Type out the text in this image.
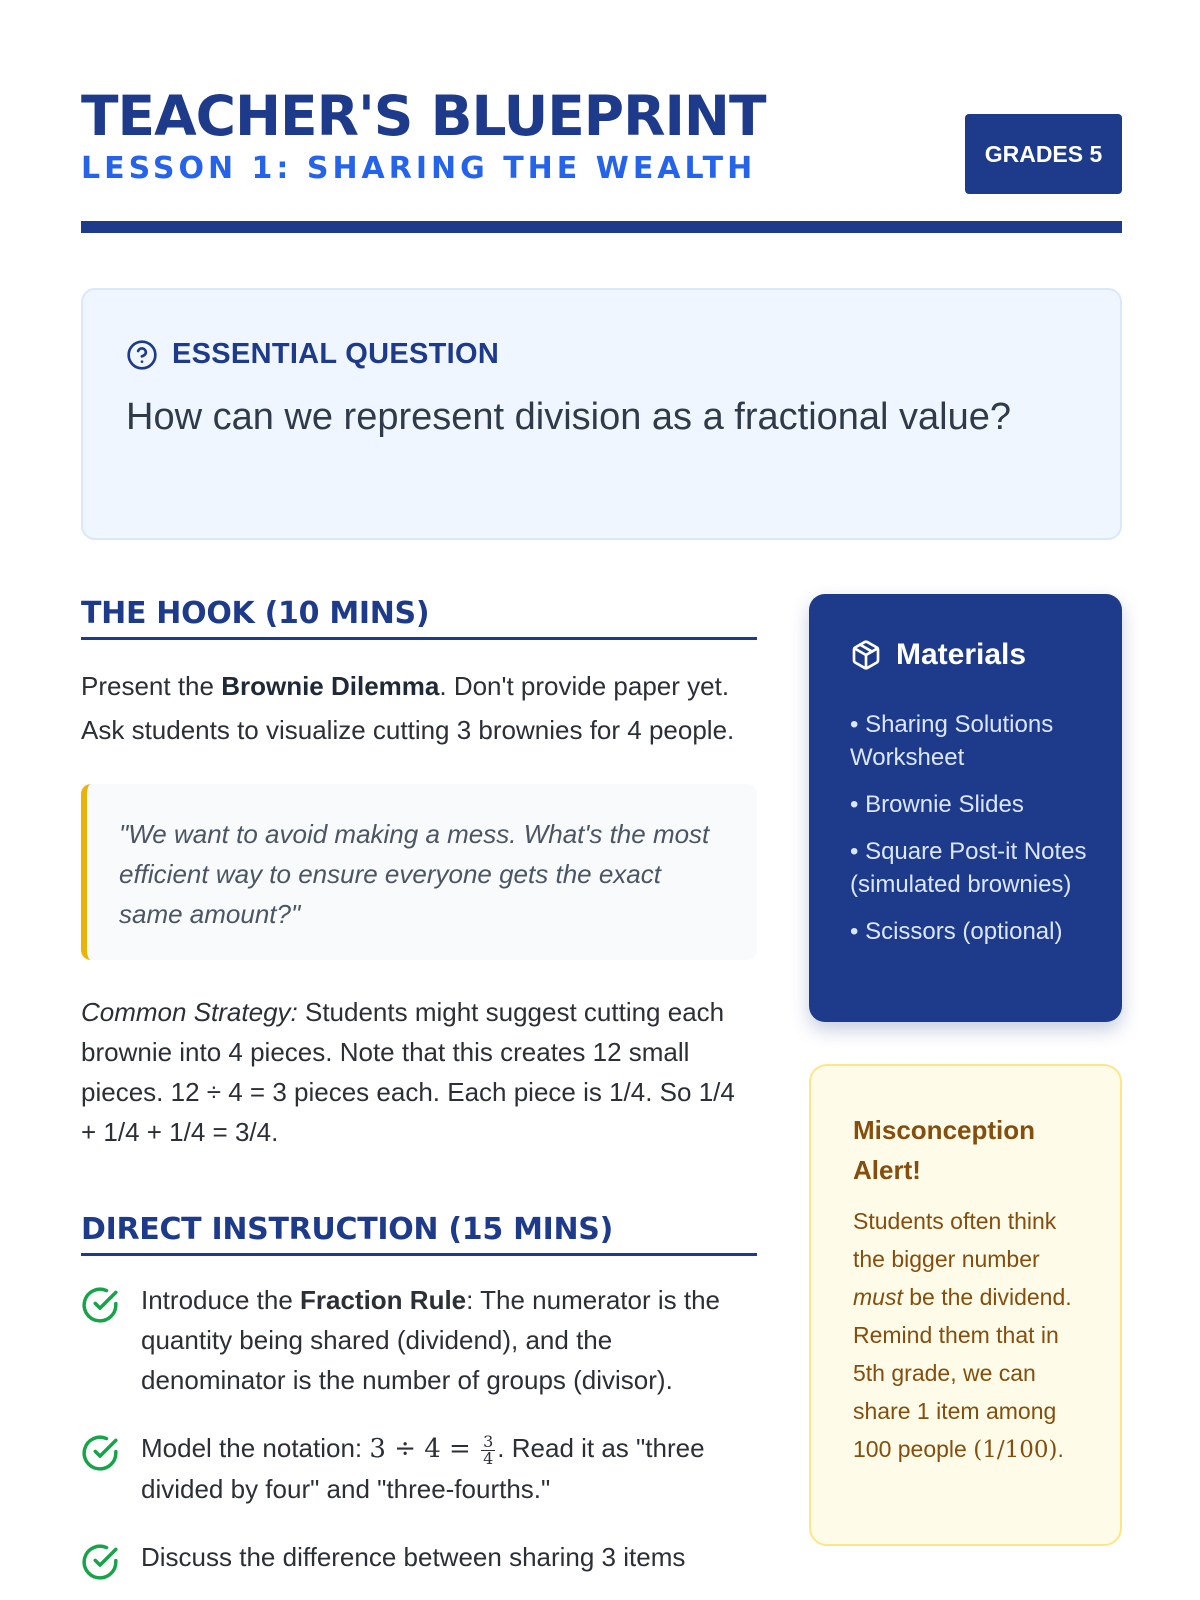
TEACHER'S BLUEPRINT
LESSON 1: SHARING THE WEALTH	GRADES 5
ESSENTIAL QUESTION
How can we represent division as a fractional value?
THE HOOK (10 MINS)

Present the Brownie Dilemma. Don't provide paper yet. Ask students to visualize cutting 3 brownies for 4 people.

"We want to avoid making a mess. What's the most efficient way to ensure everyone gets the exact same amount?"

Common Strategy: Students might suggest cutting each brownie into 4 pieces. Note that this creates 12 small pieces. 12 ÷ 4 = 3 pieces each. Each piece is 1/4. So 1/4 + 1/4 + 1/4 = 3/4.

DIRECT INSTRUCTION (15 MINS)
Introduce the Fraction Rule: The numerator is the quantity being shared (dividend), and the denominator is the number of groups (divisor).
Model the notation: $3 \div 4 = \frac{3}{4}$ . Read it as "three divided by four" and "three-fourths."
Discuss the difference between sharing 3 items
Materials
• Sharing Solutions Worksheet
• Brownie Slides
• Square Post-it Notes (simulated brownies)
• Scissors (optional)
Misconception Alert!

Students often think the bigger number must be the dividend. Remind them that in 5th grade, we can share 1 item among 100 people (1/100).
